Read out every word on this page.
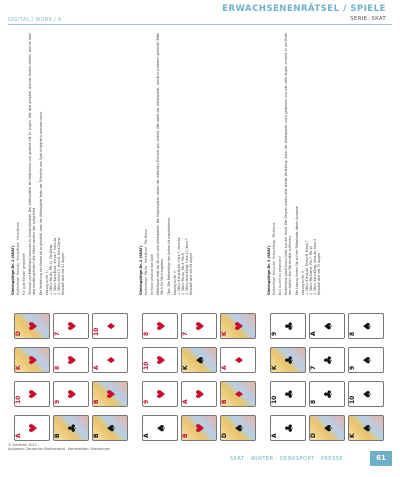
ERWACHSENENRÄTSEL / SPIELE
DIGITAL / WORK / 6	SERIE: SKAT
A
♥
10
♥
K
♥
D
♥
B
♣
9
♥
8
♥
7
♥
B
♠
B
♥
A
♦
10
♦
Gleichgültige Nr. 1 (SKAT) Kartenfolge: Herz-As · Kreuz-Bube · Herz-Dame Für gute Kenner gewidmet! Vorhand und Mittelhand kommen in Sonder-Kontakt. Der Alleinspieler ist Hinterhand und gewinnt mit 61 Augen. Wie wird gespielt, welcher Karten wirken, welche Asse sind bereits gefallen? Alle Stiche werden hier aufgeführt. Die Verteilung der Karten ist so gewählt, dass der Alleinspieler trotz vier Trümpfen das Spiel erfolgreich beenden kann. Lösung zu Nr. 1: 1. Stich: Pik-As, Pik-10, Pik-König 2. Stich: Karo-Bube, Kreuz-7, Karo-As 3. Stich: Herz-10, Herz-8, Herz-Dame Gespielt wird mit 61 Augen
A
♠
9
♥
10
♥
8
♥
B
♥
A
♥
K
♠
7
♥
D
♠
B
♦
A
♦
K
♥
Gleichgültige Nr. 2 (SKAT) Kartenfolge: Pik-As · Herz-Bube · Pik-Dame Vorhand gewinnt das Spiel Mittelhand reizt bis 46 und wird Alleinspieler. Die Gegenspieler haben die restlichen Trümpfe gut verteilt. Wie spielt der Alleinspieler, damit er trotzdem gewinnt? Bitte Stich für Stich angeben. Tipp: Die Reihenfolge der Karten ist entscheidend. Lösung zu Nr. 2: 1. Stich: Kreuz-Bube, Herz-7, Herz-As 2. Stich: Pik-As, Pik-9, Pik-8 3. Stich: Herz-König, Herz-10, Karo-7 Gespielt wird mit 64 Augen
A
♣
10
♣
K
♣
9
♣
D
♠
8
♣
7
♣
A
♠
K
♠
10
♠
9
♠
8
♠
Gleichgültige Nr. 3 (SKAT) Kartenfolge: Kreuz-As · Kreuz-König · Pik-Dame Null ouvert zu gewinnen? Hinterhand spielt Kreuz-Spiel aus der Hand. Die Gegner haben eine starke Verteilung. Kann der Alleinspieler noch gewinnen und wie viele Augen erreicht er am Ende des Spiels? Alle Stiche bitte aufführen. Die Lösung finden Sie auf der Rätselseite dieser Ausgabe. Lösung zu Nr. 3: 1. Stich: Kreuz-As, Kreuz-8, Kreuz-7 2. Stich: Pik-Dame, Pik-7, Pik-10 3. Stich: Karo-König, Karo-As, Karo-9 Gespielt wird mit 70 Augen
© Schenkel 2013
Aufgaben: Deutscher Skatverband · Kartenbilder: Altenburger
SKAT · WINTER · DENKSPORT · PRESSE	61
